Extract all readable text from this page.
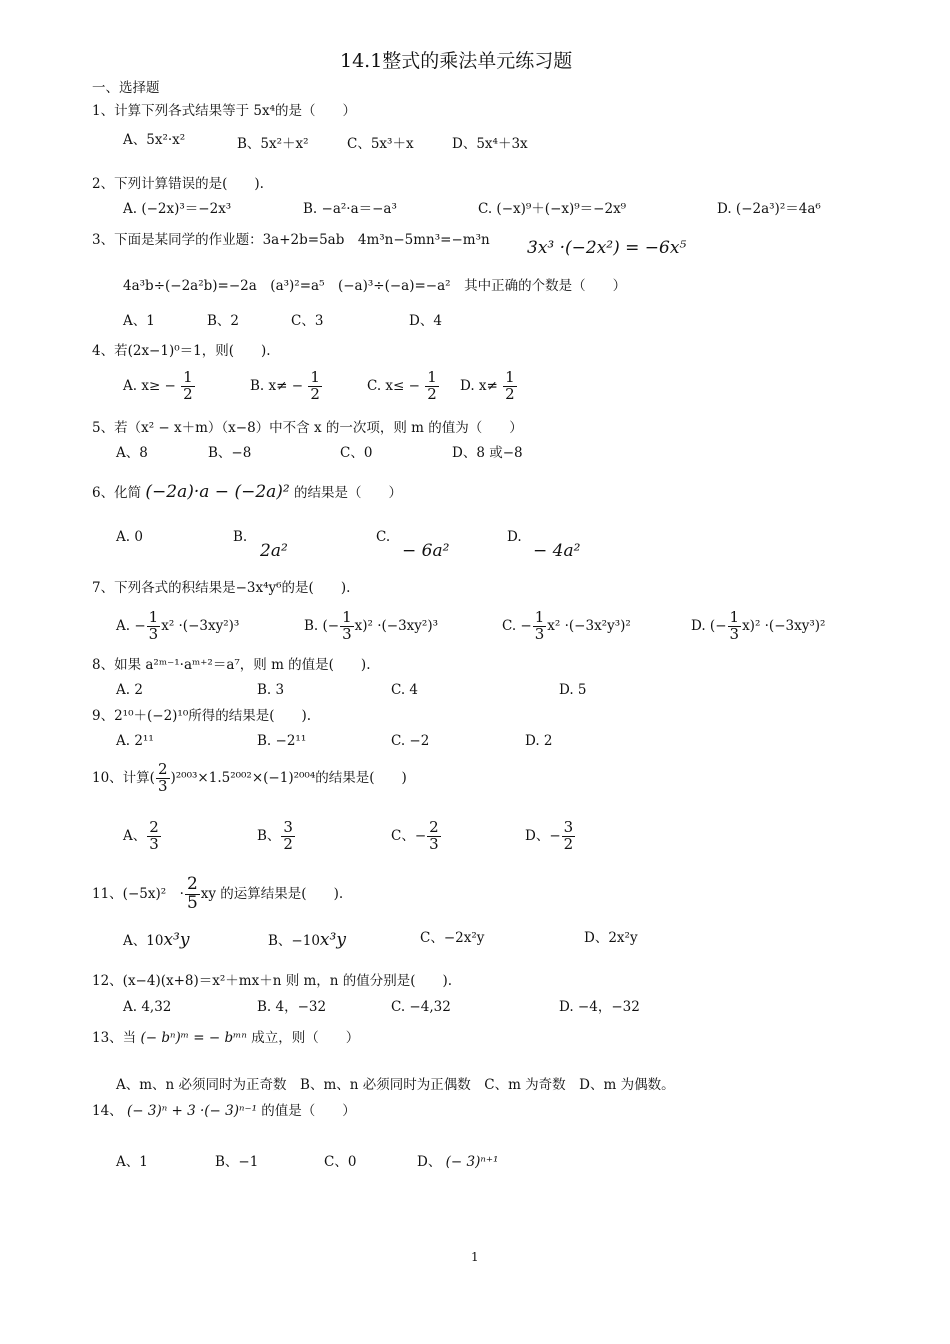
14.1整式的乘法单元练习题
一、选择题
1、计算下列各式结果等于 5x⁴的是（　　）
A、5x²·x²	B、5x²＋x²	C、5x³＋x	D、5x⁴＋3x
2、下列计算错误的是(　　).
A. (−2x)³＝−2x³	B. −a²·a＝−a³	C. (−x)⁹＋(−x)⁹＝−2x⁹	D. (−2a³)²＝4a⁶
3、下面是某同学的作业题：3a+2b=5ab　4m³n−5mn³=−m³n 3x³ ·(−2x²) = −6x⁵
4a³b÷(−2a²b)=−2a　(a³)²=a⁵　(−a)³÷(−a)=−a²　其中正确的个数是（　　）
A、1	B、2	C、3	D、4
4、若(2x−1)⁰＝1，则(　　).
A. $x\ge - \frac{1}{2}$	B. $x\ne - \frac{1}{2}$	C. $x\le - \frac{1}{2} D$. $x\ne \frac{1}{2}$
5、若（x² − x＋m）（x−8）中不含 x 的一次项，则 m 的值为（　　）
A、8	B、−8	C、0	D、8 或−8
6、化简 (−2a)·a − (−2a)² 的结果是（　　）
A. 0	B.
2a²
C.
− 6a²
D.
− 4a²
7、下列各式的积结果是−3x⁴y⁶的是(　　).
A. − $\frac{1}{3} x^2 \cdot(-3xy^2)^3$	B. (− $\frac{1}{3} x)^2 \cdot(-3xy^2)^3$	C. − $\frac{1}{3} x^2 \cdot(-3x^2y^3)^2$	D. (− $\frac{1}{3} x)^2 \cdot(-3xy^3)^2$
8、如果 a²ᵐ⁻¹·aᵐ⁺²＝a⁷，则 m 的值是(　　).
A. 2	B. 3	C. 4	D. 5
9、2¹⁰＋(−2)¹⁰所得的结果是(　　).
A. 2¹¹	B. −2¹¹	C. −2	D. 2
10、计算( $\frac{2}{3} )^{2003}\times 1.5^{2002}\times(-1)^{2004}$的结果是(　　)
A、 $\frac{2}{3}$	B、 $\frac{3}{2}$	C、− $\frac{2}{3}$	D、− $\frac{3}{2}$
11、(−5x)²　· $\frac{2}{5}$ xy 的运算结果是(　　).
A、10x³y	B、−10x³y	C、−2x²y	D、2x²y
12、(x−4)(x+8)＝x²＋mx＋n 则 m，n 的值分别是(　　).
A. 4,32	B. 4，−32	C. −4,32	D. −4，−32
13、当 (− bⁿ)ᵐ = − bᵐⁿ 成立，则（　　）
A、m、n 必须同时为正奇数　B、m、n 必须同时为正偶数　C、m 为奇数　D、m 为偶数。
14、 (− 3)ⁿ + 3 ·(− 3)ⁿ⁻¹ 的值是（　　）
A、1	B、−1	C、0	D、 (− 3)ⁿ⁺¹
1
